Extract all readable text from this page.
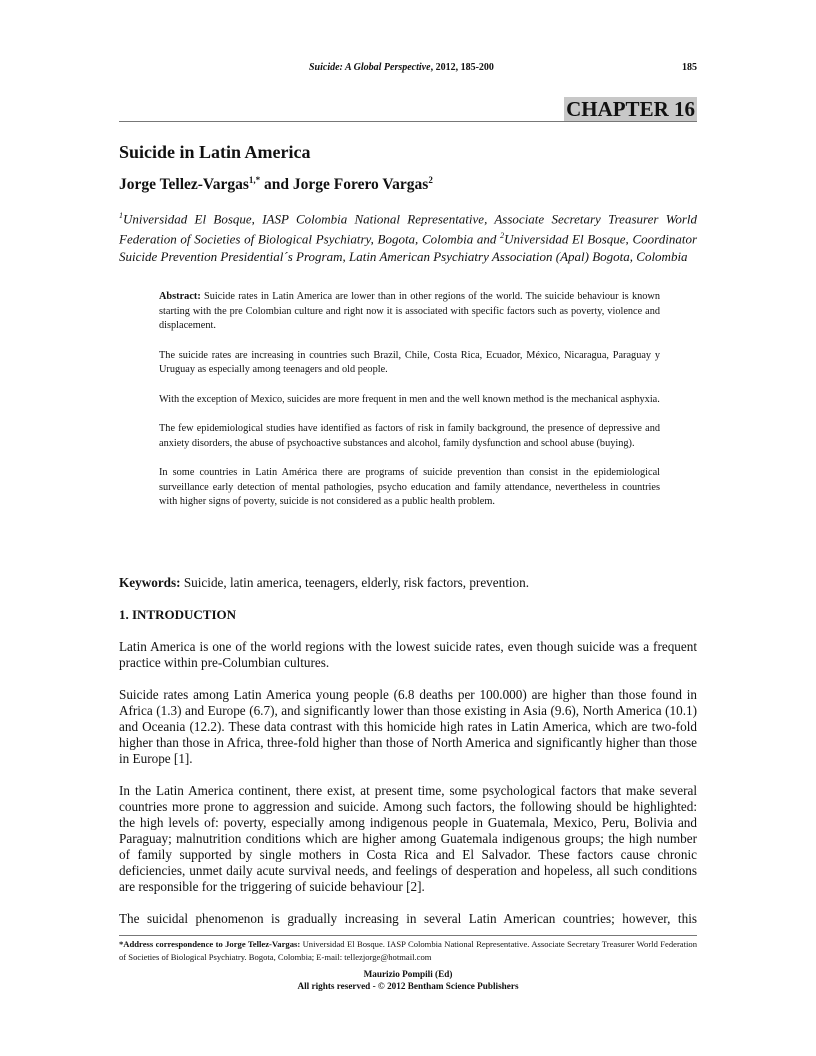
Suicide: A Global Perspective, 2012, 185-200	185
CHAPTER 16
Suicide in Latin America

Jorge Tellez-Vargas$^{1,*}$ and Jorge Forero Vargas$^2$

$^1$Universidad El Bosque, IASP Colombia National Representative, Associate Secretary Treasurer World Federation of Societies of Biological Psychiatry, Bogota, Colombia and $^2$Universidad El Bosque, Coordinator Suicide Prevention Presidential´s Program, Latin American Psychiatry Association (Apal) Bogota, Colombia

Abstract: Suicide rates in Latin America are lower than in other regions of the world. The suicide behaviour is known starting with the pre Colombian culture and right now it is associated with specific factors such as poverty, violence and displacement.

The suicide rates are increasing in countries such Brazil, Chile, Costa Rica, Ecuador, México, Nicaragua, Paraguay y Uruguay as especially among teenagers and old people.

With the exception of Mexico, suicides are more frequent in men and the well known method is the mechanical asphyxia.

The few epidemiological studies have identified as factors of risk in family background, the presence of depressive and anxiety disorders, the abuse of psychoactive substances and alcohol, family dysfunction and school abuse (buying).

In some countries in Latin América there are programs of suicide prevention than consist in the epidemiological surveillance early detection of mental pathologies, psycho education and family attendance, nevertheless in countries with higher signs of poverty, suicide is not considered as a public health problem.

Keywords: Suicide, latin america, teenagers, elderly, risk factors, prevention.

1. INTRODUCTION

Latin America is one of the world regions with the lowest suicide rates, even though suicide was a frequent practice within pre-Columbian cultures.

Suicide rates among Latin America young people (6.8 deaths per 100.000) are higher than those found in Africa (1.3) and Europe (6.7), and significantly lower than those existing in Asia (9.6), North America (10.1) and Oceania (12.2). These data contrast with this homicide high rates in Latin America, which are two-fold higher than those in Africa, three-fold higher than those of North America and significantly higher than those in Europe [1].

In the Latin America continent, there exist, at present time, some psychological factors that make several countries more prone to aggression and suicide. Among such factors, the following should be highlighted: the high levels of: poverty, especially among indigenous people in Guatemala, Mexico, Peru, Bolivia and Paraguay; malnutrition conditions which are higher among Guatemala indigenous groups; the high number of family supported by single mothers in Costa Rica and El Salvador. These factors cause chronic deficiencies, unmet daily acute survival needs, and feelings of desperation and hopeless, all such conditions are responsible for the triggering of suicide behaviour [2].

The suicidal phenomenon is gradually increasing in several Latin American countries; however, this

*Address correspondence to Jorge Tellez-Vargas: Universidad El Bosque. IASP Colombia National Representative. Associate Secretary Treasurer World Federation of Societies of Biological Psychiatry. Bogota, Colombia; E-mail: tellezjorge@hotmail.com
Maurizio Pompili (Ed)
All rights reserved - © 2012 Bentham Science Publishers
